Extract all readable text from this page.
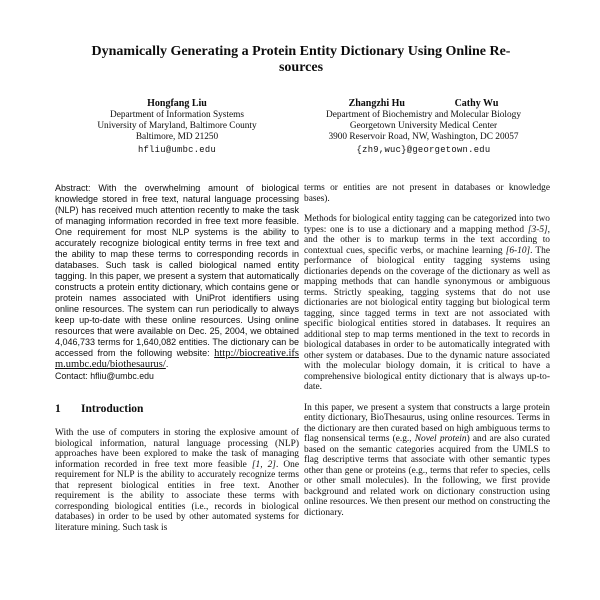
Dynamically Generating a Protein Entity Dictionary Using Online Re-
sources
Hongfang Liu
Department of Information Systems
University of Maryland, Baltimore County
Baltimore, MD 21250
hfliu@umbc.edu
Zhangzhi Hu	Cathy Wu
Department of Biochemistry and Molecular Biology
Georgetown University Medical Center
3900 Reservoir Road, NW, Washington, DC 20057
{zh9,wuc}@georgetown.edu

Abstract: With the overwhelming amount of biological knowledge stored in free text, natural language processing (NLP) has received much attention recently to make the task of managing information recorded in free text more feasible. One requirement for most NLP systems is the ability to accurately recognize biological entity terms in free text and the ability to map these terms to corresponding records in databases. Such task is called biological named entity tagging. In this paper, we present a system that automatically constructs a protein entity dictionary, which contains gene or protein names associated with UniProt identifiers using online resources. The system can run periodically to always keep up-to-date with these online resources. Using online resources that were available on Dec. 25, 2004, we obtained 4,046,733 terms for 1,640,082 entities. The dictionary can be accessed from the following website: http://biocreative.ifsm.umbc.edu/biothesaurus/.

Contact: hfliu@umbc.edu

1 Introduction

With the use of computers in storing the explosive amount of biological information, natural language processing (NLP) approaches have been explored to make the task of managing information recorded in free text more feasible [1, 2]. One requirement for NLP is the ability to accurately recognize terms that represent biological entities in free text. Another requirement is the ability to associate these terms with corresponding biological entities (i.e., records in biological databases) in order to be used by other automated systems for literature mining. Such task is

terms or entities are not present in databases or knowledge bases).

Methods for biological entity tagging can be categorized into two types: one is to use a dictionary and a mapping method [3-5], and the other is to markup terms in the text according to contextual cues, specific verbs, or machine learning [6-10]. The performance of biological entity tagging systems using dictionaries depends on the coverage of the dictionary as well as mapping methods that can handle synonymous or ambiguous terms. Strictly speaking, tagging systems that do not use dictionaries are not biological entity tagging but biological term tagging, since tagged terms in text are not associated with specific biological entities stored in databases. It requires an additional step to map terms mentioned in the text to records in biological databases in order to be automatically integrated with other system or databases. Due to the dynamic nature associated with the molecular biology domain, it is critical to have a comprehensive biological entity dictionary that is always up-to-date.

In this paper, we present a system that constructs a large protein entity dictionary, BioThesaurus, using online resources. Terms in the dictionary are then curated based on high ambiguous terms to flag nonsensical terms (e.g., Novel protein) and are also curated based on the semantic categories acquired from the UMLS to flag descriptive terms that associate with other semantic types other than gene or proteins (e.g., terms that refer to species, cells or other small molecules). In the following, we first provide background and related work on dictionary construction using online resources. We then present our method on constructing the dictionary.
